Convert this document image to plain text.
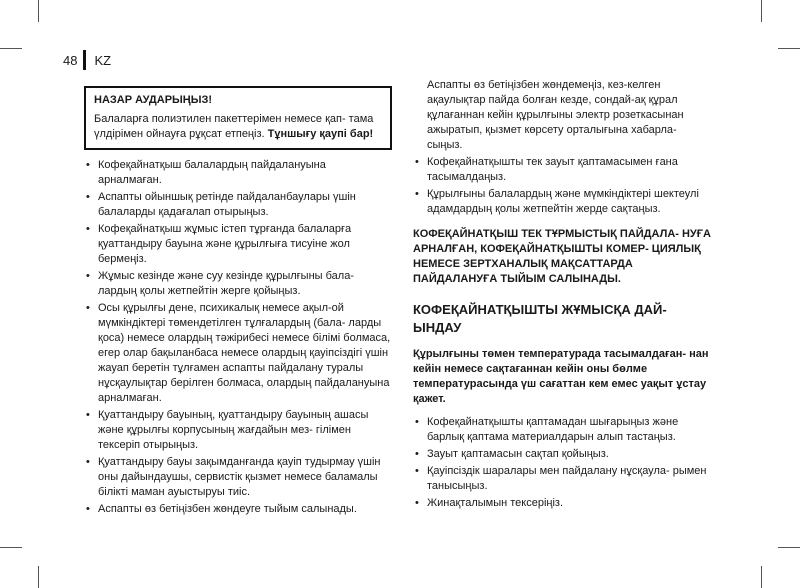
48 KZ
НАЗАР АУДАРЫҢЫЗ!
Балаларға полиэтилен пакеттерімен немесе қап- тама үлдірімен ойнауға рұқсат етпеңіз. Тұншығу қаупі бар!
• Кофеқайнатқыш балалардың пайдалануына арналмаған.
• Аспапты ойыншық ретінде пайдаланбаулары үшін балаларды қадағалап отырыңыз.
• Кофеқайнатқыш жұмыс істеп тұрғанда балаларға қуаттандыру бауына және құрылғыға тисуіне жол бермеңіз.
• Жұмыс кезінде және суу кезінде құрылғыны бала- лардың қолы жетпейтін жерге қойыңыз.
• Осы құрылғы дене, психикалық немесе ақыл-ой мүмкіндіктері төмендетілген тұлғалардың (бала- ларды қоса) немесе олардың тәжірибесі немесе білімі болмаса, егер олар бақыланбаса немесе олардың қауіпсіздігі үшін жауап беретін тұлғамен аспапты пайдалану туралы нұсқаулықтар берілген болмаса, олардың пайдалануына арналмаған.
• Қуаттандыру бауының, қуаттандыру бауының ашасы және құрылғы корпусының жағдайын мез- гілімен тексеріп отырыңыз.
• Қуаттандыру бауы зақымданғанда қауіп тудырмау үшін оны дайындаушы, сервистік қызмет немесе баламалы білікті маман ауыстыруы тиіс.
• Аспапты өз бетіңізбен жөндеуге тыйым салынады.
Аспапты өз бетіңізбен жөндемеңіз, кез-келген ақаулықтар пайда болған кезде, сондай-ақ құрал құлағаннан кейін құрылғыны электр розеткасынан ажыратып, қызмет көрсету орталығына хабарла- сыңыз.
• Кофеқайнатқышты тек зауыт қаптамасымен ғана тасымалдаңыз.
• Құрылғыны балалардың және мүмкіндіктері шектеулі адамдардың қолы жетпейтін жерде сақтаңыз.
КОФЕҚАЙНАТҚЫШ ТЕК ТҰРМЫСТЫҚ ПАЙДАЛА- НУҒА АРНАЛҒАН, КОФЕҚАЙНАТҚЫШТЫ КОМЕР- ЦИЯЛЫҚ НЕМЕСЕ ЗЕРТХАНАЛЫҚ МАҚСАТТАРДА ПАЙДАЛАНУҒА ТЫЙЫМ САЛЫНАДЫ.
КОФЕҚАЙНАТҚЫШТЫ ЖҰМЫСҚА ДАЙ- ЫНДАУ
Құрылғыны төмен температурада тасымалдаған- нан кейін немесе сақтағаннан кейін оны бөлме температурасында үш сағаттан кем емес уақыт ұстау қажет.
• Кофеқайнатқышты қаптамадан шығарыңыз және барлық қаптама материалдарын алып тастаңыз.
• Зауыт қаптамасын сақтап қойыңыз.
• Қауіпсіздік шаралары мен пайдалану нұсқаулa- рымен танысыңыз.
• Жинақталымын тексеріңіз.
